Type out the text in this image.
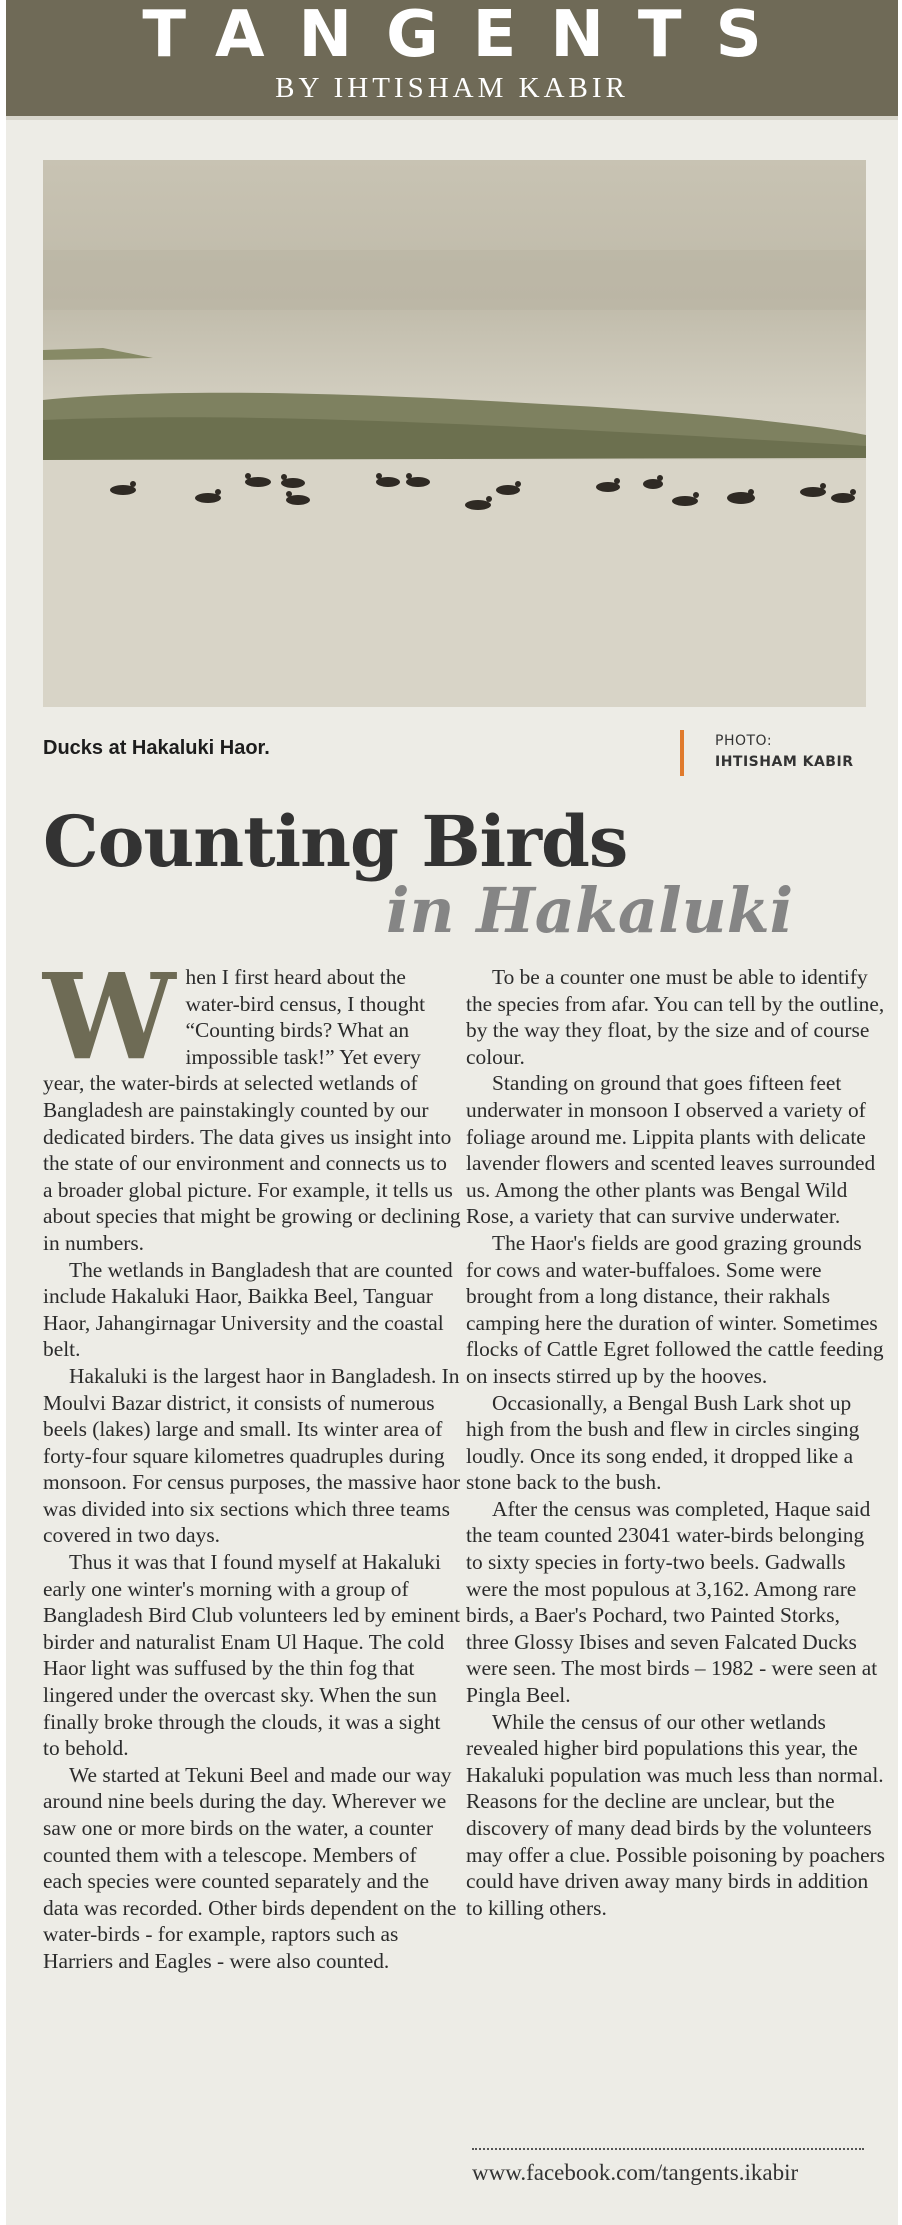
TANGENTS
BY IHTISHAM KABIR
Ducks at Hakaluki Haor.	PHOTO:
IHTISHAM KABIR
Counting Birds
in Hakaluki

When I first heard about the water-bird census, I thought “Counting birds? What an impossible task!” Yet every year, the water-birds at selected wetlands of Bangladesh are painstakingly counted by our dedicated birders. The data gives us insight into the state of our environment and connects us to a broader global picture. For example, it tells us about species that might be growing or declining in numbers.

The wetlands in Bangladesh that are counted include Hakaluki Haor, Baikka Beel, Tanguar Haor, Jahangirnagar University and the coastal belt.

Hakaluki is the largest haor in Bangladesh. In Moulvi Bazar district, it consists of numerous beels (lakes) large and small. Its winter area of forty-four square kilometres quadruples during monsoon. For census purposes, the massive haor was divided into six sections which three teams covered in two days.

Thus it was that I found myself at Hakaluki early one winter's morning with a group of Bangladesh Bird Club volunteers led by eminent birder and naturalist Enam Ul Haque. The cold Haor light was suffused by the thin fog that lingered under the overcast sky. When the sun finally broke through the clouds, it was a sight to behold.

We started at Tekuni Beel and made our way around nine beels during the day. Wherever we saw one or more birds on the water, a counter counted them with a telescope. Members of each species were counted separately and the data was recorded. Other birds dependent on the water-birds - for example, raptors such as Harriers and Eagles - were also counted.

To be a counter one must be able to identify the species from afar. You can tell by the outline, by the way they float, by the size and of course colour.

Standing on ground that goes fifteen feet underwater in monsoon I observed a variety of foliage around me. Lippita plants with delicate lavender flowers and scented leaves surrounded us. Among the other plants was Bengal Wild Rose, a variety that can survive underwater.

The Haor's fields are good grazing grounds for cows and water-buffaloes. Some were brought from a long distance, their rakhals camping here the duration of winter. Sometimes flocks of Cattle Egret followed the cattle feeding on insects stirred up by the hooves.

Occasionally, a Bengal Bush Lark shot up high from the bush and flew in circles singing loudly. Once its song ended, it dropped like a stone back to the bush.

After the census was completed, Haque said the team counted 23041 water-birds belonging to sixty species in forty-two beels. Gadwalls were the most populous at 3,162. Among rare birds, a Baer's Pochard, two Painted Storks, three Glossy Ibises and seven Falcated Ducks were seen. The most birds – 1982 - were seen at Pingla Beel.

While the census of our other wetlands revealed higher bird populations this year, the Hakaluki population was much less than normal. Reasons for the decline are unclear, but the discovery of many dead birds by the volunteers may offer a clue. Possible poisoning by poachers could have driven away many birds in addition to killing others.

www.facebook.com/tangents.ikabir
